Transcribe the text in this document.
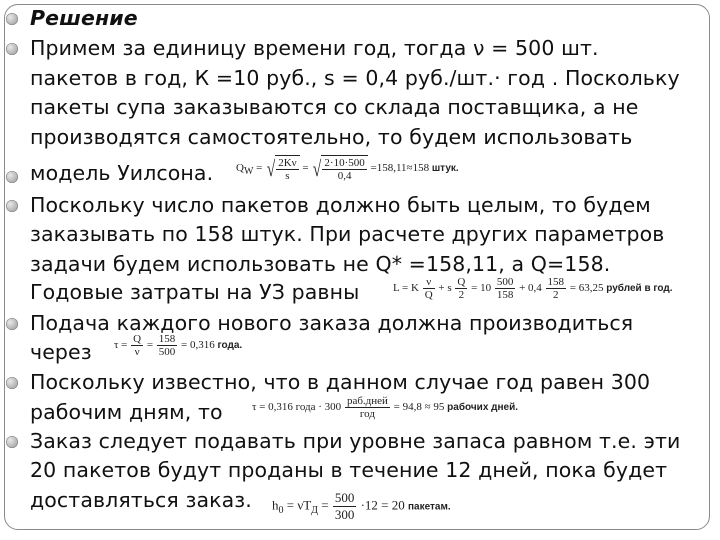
Решение
Примем за единицу времени год, тогда ν = 500 шт.
пакетов в год, К =10 руб., s = 0,4 руб./шт.· год . Поскольку
пакеты супа заказываются со склада поставщика, а не
производятся самостоятельно, то будем использовать
модель Уилсона.
Поскольку число пакетов должно быть целым, то будем
заказывать по 158 штук. При расчете других параметров
задачи будем использовать не Q* =158,11, а Q=158.
Годовые затраты на УЗ равны
Подача каждого нового заказа должна производиться
через
Поскольку известно, что в данном случае год равен 300
рабочим дням, то
Заказ следует подавать при уровне запаса равном т.е. эти
20 пакетов будут проданы в течение 12 дней, пока будет
доставляться заказ.
$Q_W$ = √ $\frac{2K\nu}{s}$ = √ $\frac{2\cdot 10\cdot 500}{0,4} =158,11\approx 158$ штук.
L = K $\frac{\nu}{Q} + s \frac{Q}{2} = 10 \frac{500}{158} + 0,4 \frac{158}{2} = 63,25$ рублей в год.
$\tau = \frac{Q}{\nu} = \frac{158}{500} = 0,316$ года.
τ = 0,316 года · $300 \frac{\text{раб.дней}}{\text{год}} = 94,8 \approx 95$ рабочих дней.
$h_0 = \nu T_Д = \frac{500}{300} \cdot 12 = 20$ пакетам.
